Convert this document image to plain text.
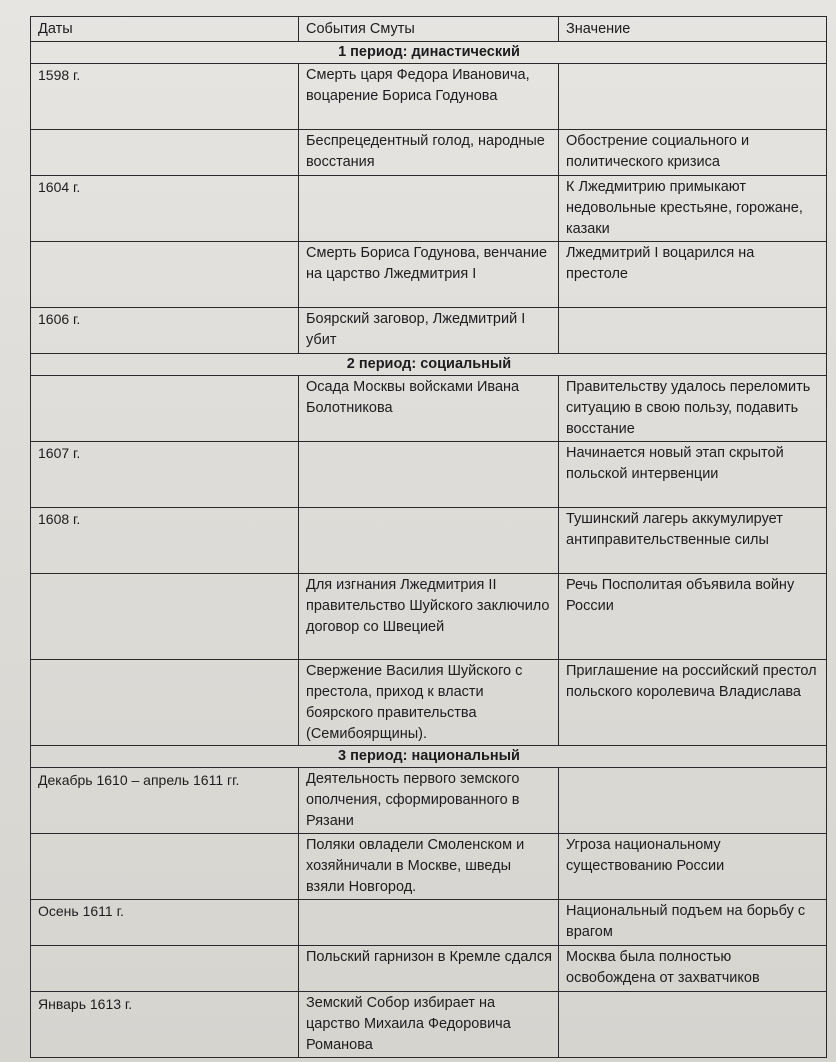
Даты	События Смуты	Значение
1 период: династический		
1598 г.	Смерть царя Федора Ивановича, воцарение Бориса Годунова	
	Беспрецедентный голод, народные восстания	Обострение социального и политического кризиса
1604 г.		К Лжедмитрию примыкают недовольные крестьяне, горожане, казаки
	Смерть Бориса Годунова, венчание на царство Лжедмитрия I	Лжедмитрий I воцарился на престоле
1606 г.	Боярский заговор, Лжедмитрий I убит	
2 период: социальный		
	Осада Москвы войсками Ивана Болотникова	Правительству удалось переломить ситуацию в свою пользу, подавить восстание
1607 г.		Начинается новый этап скрытой польской интервенции
1608 г.		Тушинский лагерь аккумулирует антиправительственные силы
	Для изгнания Лжедмитрия II правительство Шуйского заключило договор со Швецией	Речь Посполитая объявила войну России
	Свержение Василия Шуйского с престола, приход к власти боярского правительства (Семибоярщины).	Приглашение на российский престол польского королевича Владислава
3 период: национальный		
Декабрь 1610 – апрель 1611 гг.	Деятельность первого земского ополчения, сформированного в Рязани	
	Поляки овладели Смоленском и хозяйничали в Москве, шведы взяли Новгород.	Угроза национальному существованию России
Осень 1611 г.		Национальный подъем на борьбу с врагом
	Польский гарнизон в Кремле сдался	Москва была полностью освобождена от захватчиков
Январь 1613 г.	Земский Собор избирает на царство Михаила Федоровича Романова	
